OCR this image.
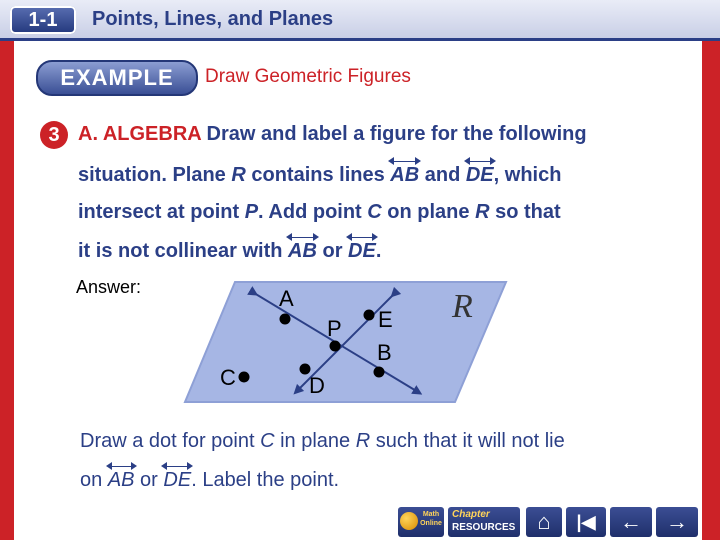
1-1	Points, Lines, and Planes
EXAMPLE	Draw Geometric Figures
3 A. ALGEBRA Draw and label a figure for the following
situation. Plane R contains lines
AB and
DE, which
intersect at point P. Add point C on plane R so that
it is not collinear with
AB or
DE.
Answer:	A
P E
B
C	D
R
Draw a dot for point C in plane R such that it will not lie
on
AB or
DE. Label the point.
Math Online
Chapter
RESOURCES ⌂	|◀	←	→
